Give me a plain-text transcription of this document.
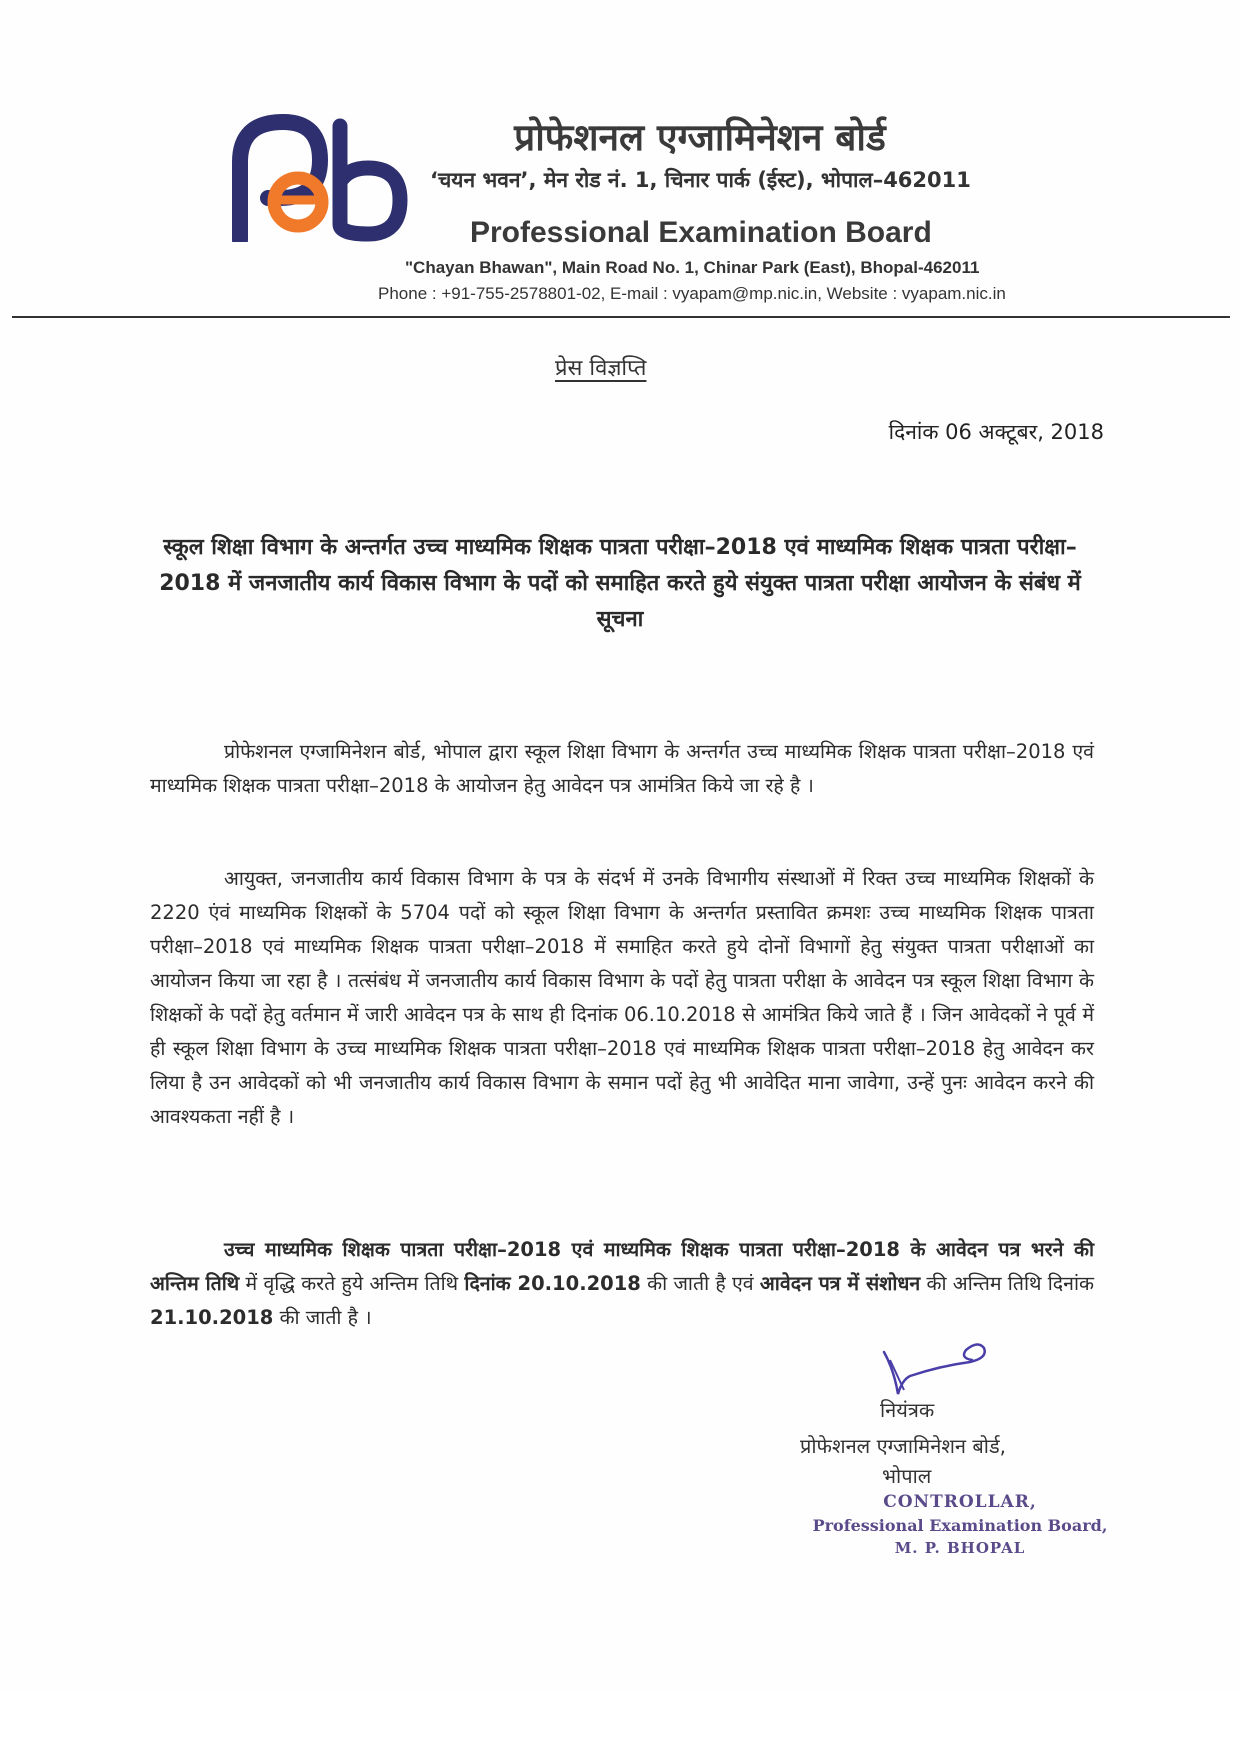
प्रोफेशनल एग्जामिनेशन बोर्ड
‘चयन भवन’, मेन रोड नं. 1, चिनार पार्क (ईस्ट), भोपाल–462011
Professional Examination Board
"Chayan Bhawan", Main Road No. 1, Chinar Park (East), Bhopal-462011
Phone : +91-755-2578801-02, E-mail : vyapam@mp.nic.in, Website : vyapam.nic.in
प्रेस विज्ञप्ति
दिनांक 06 अक्टूबर, 2018
स्कूल शिक्षा विभाग के अन्तर्गत उच्च माध्यमिक शिक्षक पात्रता परीक्षा–2018 एवं माध्यमिक शिक्षक पात्रता परीक्षा–2018 में जनजातीय कार्य विकास विभाग के पदों को समाहित करते हुये संयुक्त पात्रता परीक्षा आयोजन के संबंध में सूचना

प्रोफेशनल एग्जामिनेशन बोर्ड, भोपाल द्वारा स्कूल शिक्षा विभाग के अन्तर्गत उच्च माध्यमिक शिक्षक पात्रता परीक्षा–2018 एवं माध्यमिक शिक्षक पात्रता परीक्षा–2018 के आयोजन हेतु आवेदन पत्र आमंत्रित किये जा रहे है ।

आयुक्त, जनजातीय कार्य विकास विभाग के पत्र के संदर्भ में उनके विभागीय संस्थाओं में रिक्त उच्च माध्यमिक शिक्षकों के 2220 एंवं माध्यमिक शिक्षकों के 5704 पदों को स्कूल शिक्षा विभाग के अन्तर्गत प्रस्तावित क्रमशः उच्च माध्यमिक शिक्षक पात्रता परीक्षा–2018 एवं माध्यमिक शिक्षक पात्रता परीक्षा–2018 में समाहित करते हुये दोनों विभागों हेतु संयुक्त पात्रता परीक्षाओं का आयोजन किया जा रहा है । तत्संबंध में जनजातीय कार्य विकास विभाग के पदों हेतु पात्रता परीक्षा के आवेदन पत्र स्कूल शिक्षा विभाग के शिक्षकों के पदों हेतु वर्तमान में जारी आवेदन पत्र के साथ ही दिनांक 06.10.2018 से आमंत्रित किये जाते हैं । जिन आवेदकों ने पूर्व में ही स्कूल शिक्षा विभाग के उच्च माध्यमिक शिक्षक पात्रता परीक्षा–2018 एवं माध्यमिक शिक्षक पात्रता परीक्षा–2018 हेतु आवेदन कर लिया है उन आवेदकों को भी जनजातीय कार्य विकास विभाग के समान पदों हेतु भी आवेदित माना जावेगा, उन्हें पुनः आवेदन करने की आवश्यकता नहीं है ।

उच्च माध्यमिक शिक्षक पात्रता परीक्षा–2018 एवं माध्यमिक शिक्षक पात्रता परीक्षा–2018 के आवेदन पत्र भरने की अन्तिम तिथि में वृद्धि करते हुये अन्तिम तिथि दिनांक 20.10.2018 की जाती है एवं आवेदन पत्र में संशोधन की अन्तिम तिथि दिनांक 21.10.2018 की जाती है ।

नियंत्रक
प्रोफेशनल एग्जामिनेशन बोर्ड,
भोपाल
CONTROLLAR,
Professional Examination Board,
M. P. BHOPAL
